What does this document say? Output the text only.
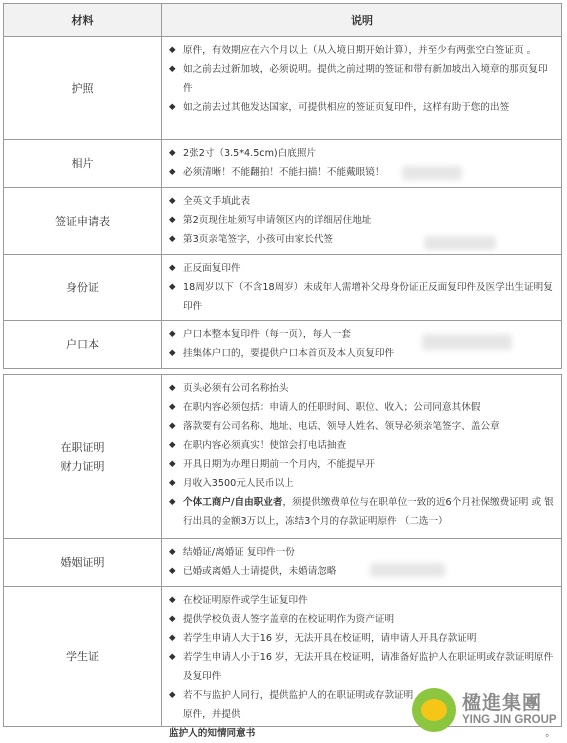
材料	说明
护照
◆ 原件，有效期应在六个月以上（从入境日期开始计算），并至少有两张空白签证页 。
◆ 如之前去过新加坡，必须说明。提供之前过期的签证和带有新加坡出入境章的那页复印件
◆ 如之前去过其他发达国家，可提供相应的签证页复印件，这样有助于您的出签
相片
◆ 2张2寸（3.5*4.5cm)白底照片
◆ 必须清晰！不能翻拍！不能扫描！不能戴眼镜！
签证申请表
◆ 全英文手填此表
◆ 第2页现住址须写申请领区内的详细居住地址
◆ 第3页亲笔签字，小孩可由家长代签
身份证
◆ 正反面复印件
◆ 18周岁以下（不含18周岁）未成年人需增补父母身份证正反面复印件及医学出生证明复印件
户口本
◆ 户口本整本复印件（每一页），每人一套
◆ 挂集体户口的，要提供户口本首页及本人页复印件
在职证明
财力证明
◆ 页头必须有公司名称抬头
◆ 在职内容必须包括：申请人的任职时间、职位、收入；公司同意其休假
◆ 落款要有公司名称、地址、电话、领导人姓名、领导必须亲笔签字、盖公章
◆ 在职内容必须真实！使馆会打电话抽查
◆ 开具日期为办理日期前一个月内，不能提早开
◆ 月收入3500元人民币以上
◆ 个体工商户/自由职业者，须提供缴费单位与在职单位一致的近6个月社保缴费证明 或 银行出具的金额3万以上，冻结3个月的存款证明原件 （二选一）
婚姻证明
◆ 结婚证/离婚证 复印件一份
◆ 已婚或离婚人士请提供，未婚请忽略
学生证
◆ 在校证明原件或学生证复印件
◆ 提供学校负责人签字盖章的在校证明作为资产证明
◆ 若学生申请人大于16 岁，无法开具在校证明，请申请人开具存款证明
◆ 若学生申请人小于16 岁，无法开具在校证明，请准备好监护人在职证明或存款证明原件及复印件
◆ 若不与监护人同行，提供监护人的在职证明或存款证明原件，并提供
监护人的知情同意书	。
楹進集團
YING JIN GROUP
